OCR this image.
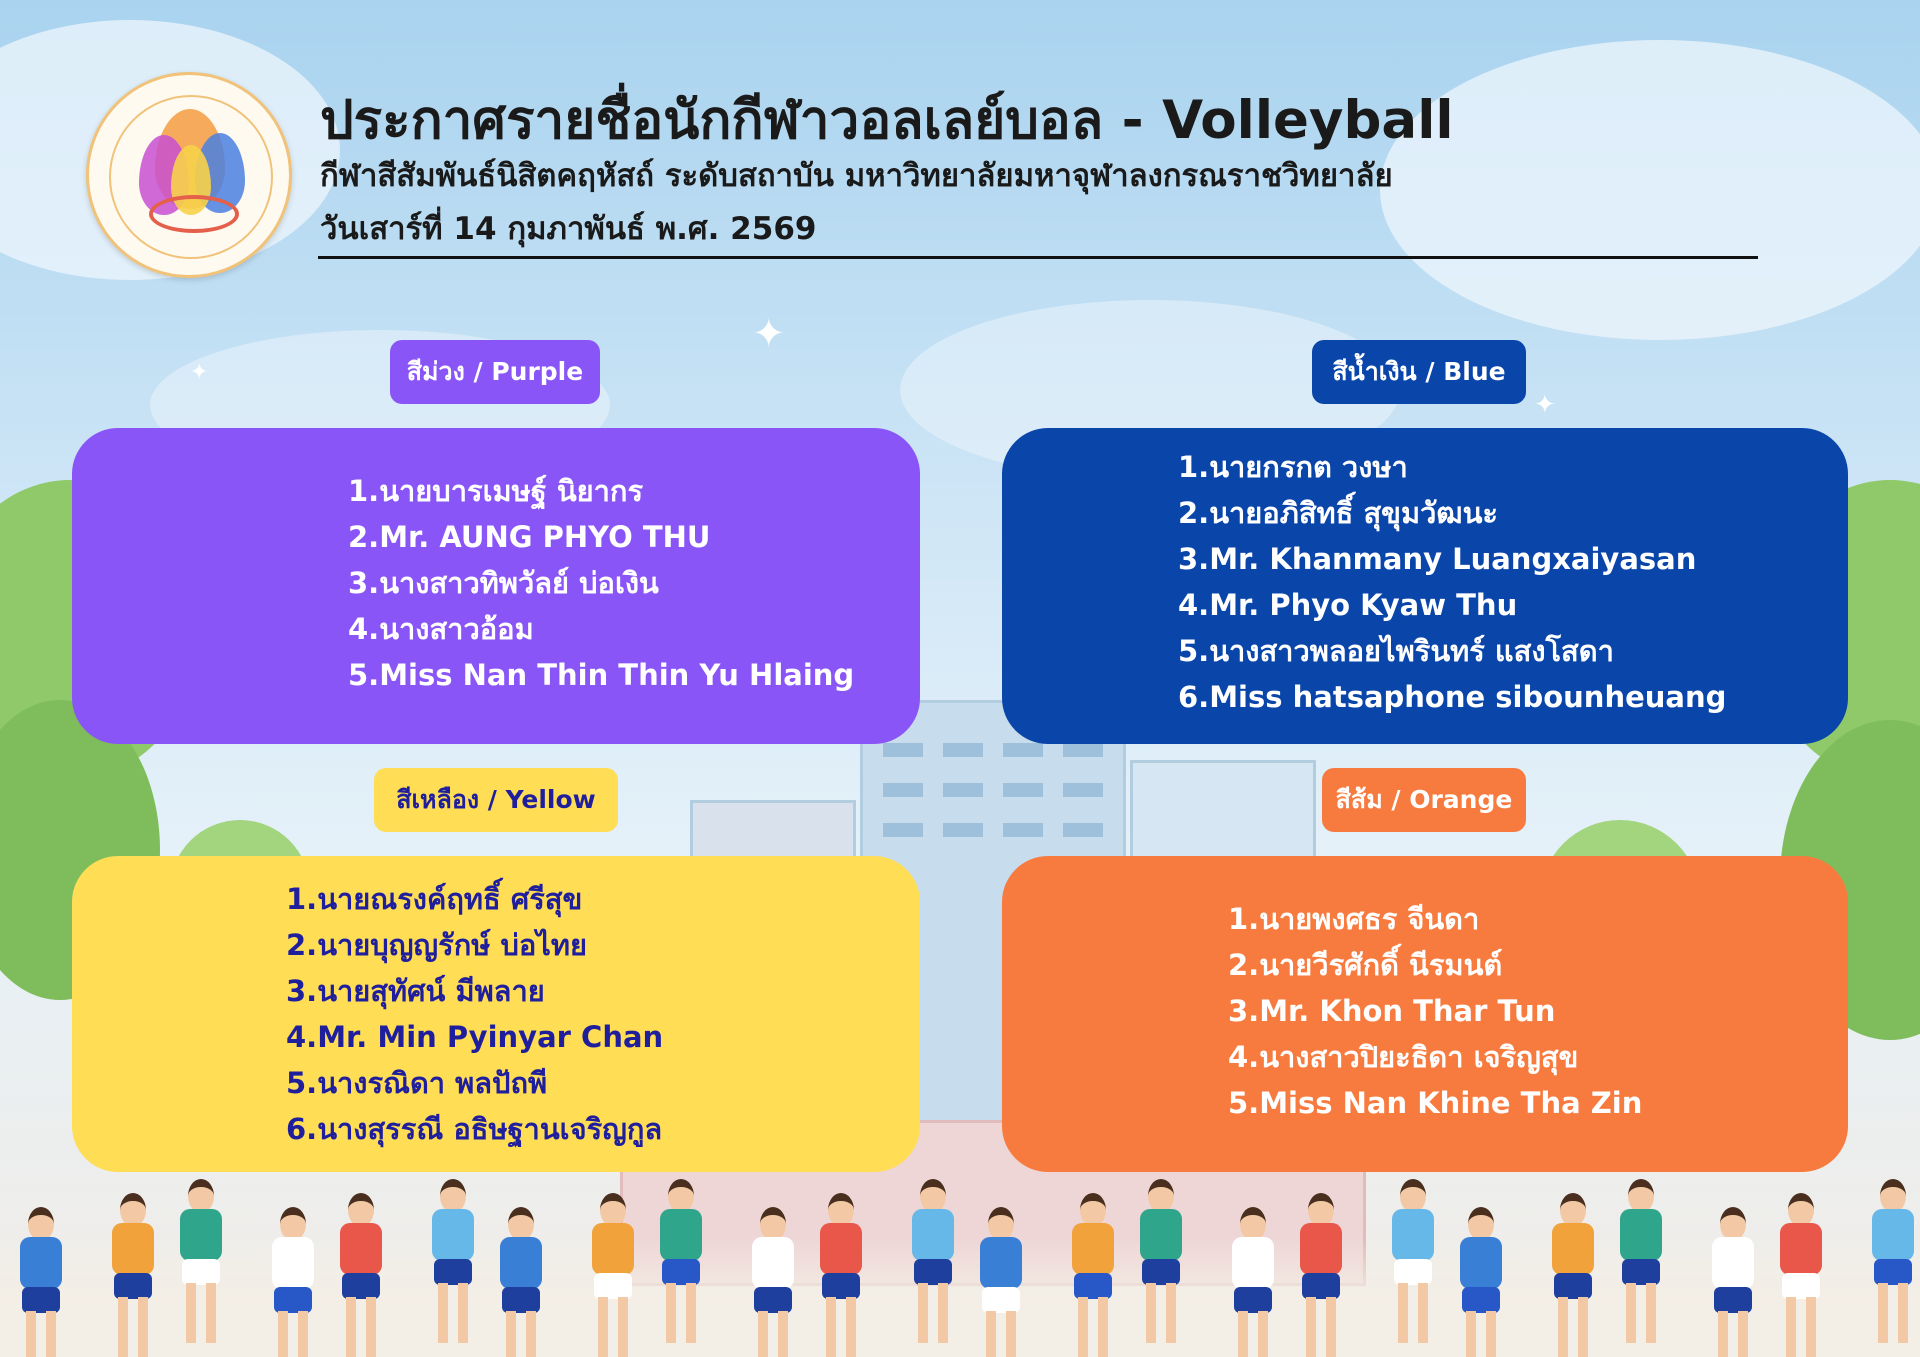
✦
✦
✦
ประกาศรายชื่อนักกีฬาวอลเลย์บอล - Volleyball
กีฬาสีสัมพันธ์นิสิตคฤหัสถ์ ระดับสถาบัน มหาวิทยาลัยมหาจุฬาลงกรณราชวิทยาลัย
วันเสาร์ที่ 14 กุมภาพันธ์ พ.ศ. 2569
สีม่วง / Purple
1.นายบารเมษฐ์ นิยากร
2.Mr. AUNG PHYO THU
3.นางสาวทิพวัลย์ บ่อเงิน
4.นางสาวอ้อม
5.Miss Nan Thin Thin Yu Hlaing
สีน้ำเงิน / Blue
1.นายกรกต วงษา
2.นายอภิสิทธิ์ สุขุมวัฒนะ
3.Mr. Khanmany Luangxaiyasan
4.Mr. Phyo Kyaw Thu
5.นางสาวพลอยไพรินทร์ แสงโสดา
6.Miss hatsaphone sibounheuang
สีเหลือง / Yellow
1.นายณรงค์ฤทธิ์ ศรีสุข
2.นายบุญญรักษ์ บ่อไทย
3.นายสุทัศน์ มีพลาย
4.Mr. Min Pyinyar Chan
5.นางรณิดา พลปัถพี
6.นางสุรรณี อธิษฐานเจริญกูล
สีส้ม / Orange
1.นายพงศธร จีนดา
2.นายวีรศักดิ์ นีรมนต์
3.Mr. Khon Thar Tun
4.นางสาวปิยะธิดา เจริญสุข
5.Miss Nan Khine Tha Zin
